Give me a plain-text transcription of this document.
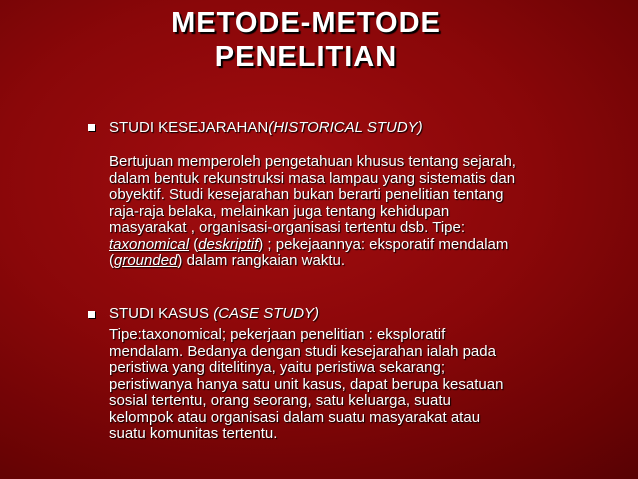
METODE-METODE
PENELITIAN
STUDI KESEJARAHAN(HISTORICAL STUDY)
Bertujuan memperoleh pengetahuan khusus tentang sejarah,
dalam bentuk rekunstruksi masa lampau yang sistematis dan
obyektif. Studi kesejarahan bukan berarti penelitian tentang
raja-raja belaka, melainkan juga tentang kehidupan
masyarakat , organisasi-organisasi tertentu dsb. Tipe:
taxonomical (deskriptif) ; pekejaannya: eksporatif mendalam
(grounded) dalam rangkaian waktu.
STUDI KASUS (CASE STUDY)
Tipe:taxonomical; pekerjaan penelitian : eksploratif
mendalam. Bedanya dengan studi kesejarahan ialah pada
peristiwa yang ditelitinya, yaitu peristiwa sekarang;
peristiwanya hanya satu unit kasus, dapat berupa kesatuan
sosial tertentu, orang seorang, satu keluarga, suatu
kelompok atau organisasi dalam suatu masyarakat atau
suatu komunitas tertentu.
